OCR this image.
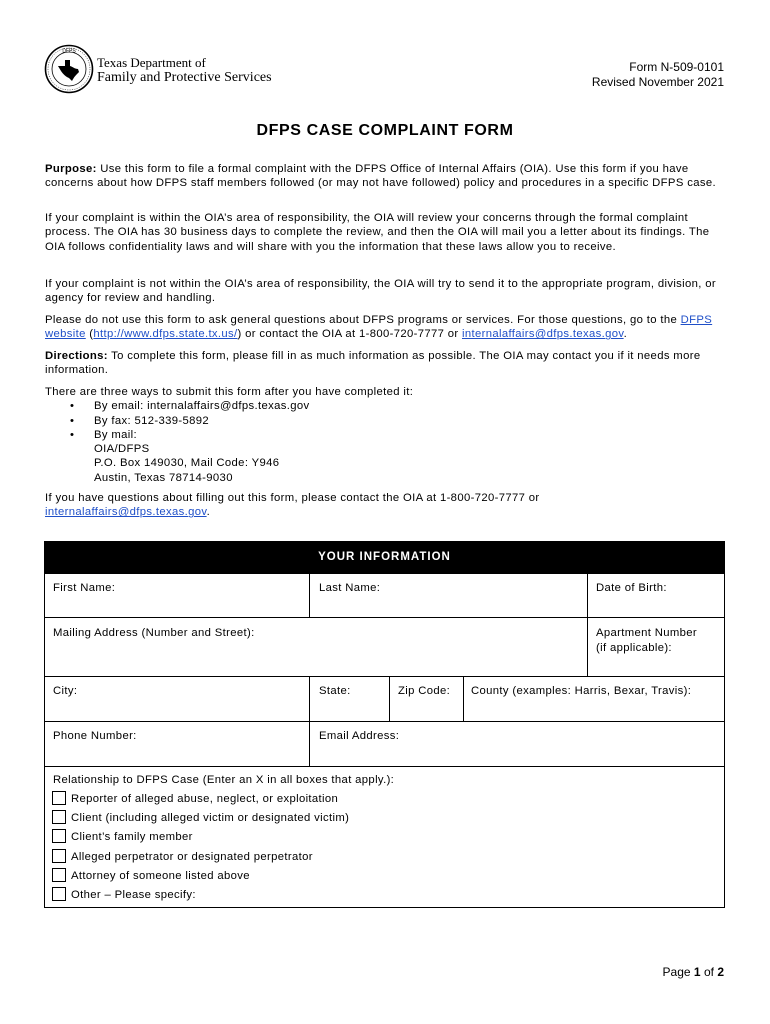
DFPS
Texas Department of
Family and Protective Services
Form N-509-0101
Revised November 2021
DFPS CASE COMPLAINT FORM

Purpose: Use this form to file a formal complaint with the DFPS Office of Internal Affairs (OIA). Use this form if you have concerns about how DFPS staff members followed (or may not have followed) policy and procedures in a specific DFPS case.

If your complaint is within the OIA’s area of responsibility, the OIA will review your concerns through the formal complaint process. The OIA has 30 business days to complete the review, and then the OIA will mail you a letter about its findings. The OIA follows confidentiality laws and will share with you the information that these laws allow you to receive.

If your complaint is not within the OIA’s area of responsibility, the OIA will try to send it to the appropriate program, division, or agency for review and handling.

Please do not use this form to ask general questions about DFPS programs or services. For those questions, go to the DFPS website (http://www.dfps.state.tx.us/) or contact the OIA at 1-800-720-7777 or internalaffairs@dfps.texas.gov.

Directions: To complete this form, please fill in as much information as possible. The OIA may contact you if it needs more information.

There are three ways to submit this form after you have completed it:

• By email: internalaffairs@dfps.texas.gov
• By fax: 512-339-5892
• By mail:
OIA/DFPS
P.O. Box 149030, Mail Code: Y946
Austin, Texas 78714-9030

If you have questions about filling out this form, please contact the OIA at 1-800-720-7777 or

internalaffairs@dfps.texas.gov.

YOUR INFORMATION
First Name:	Last Name:	Date of Birth:
Mailing Address (Number and Street):	Apartment Number
(if applicable):
City:	State:	Zip Code: County (examples: Harris, Bexar, Travis):
Phone Number:	Email Address:
Relationship to DFPS Case (Enter an X in all boxes that apply.):
Reporter of alleged abuse, neglect, or exploitation
Client (including alleged victim or designated victim)
Client’s family member
Alleged perpetrator or designated perpetrator
Attorney of someone listed above
Other – Please specify:
Page 1 of 2
